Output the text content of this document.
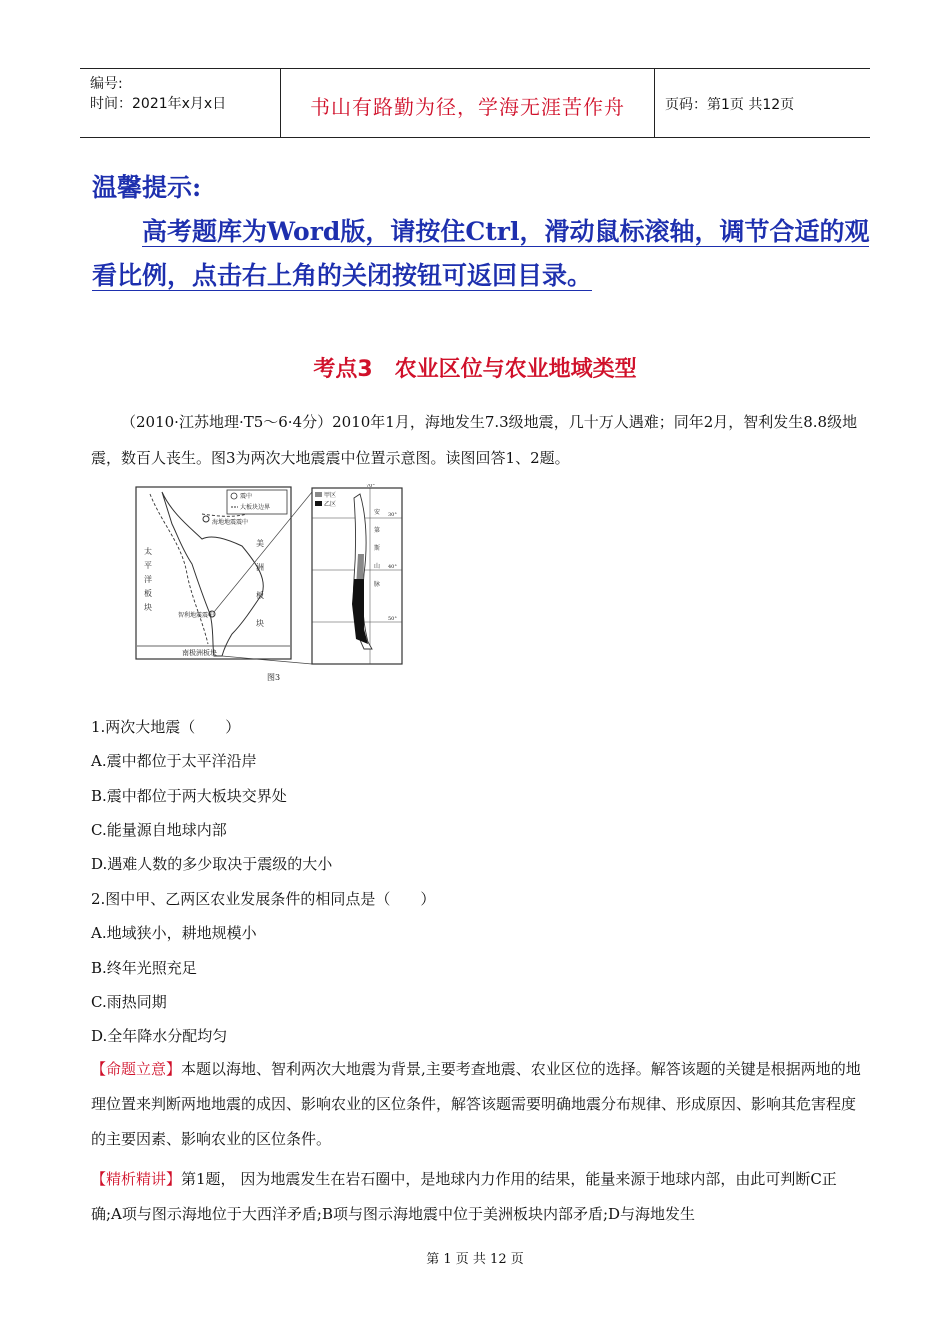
编号:
时间：2021年x月x日	书山有路勤为径，学海无涯苦作舟	页码：第1页 共12页
温馨提示:
高考题库为Word版，请按住Ctrl，滑动鼠标滚轴，调节合适的观看比例，点击右上角的关闭按钮可返回目录。
考点3　农业区位与农业地域类型
（2010·江苏地理·T5～6·4分）2010年1月，海地发生7.3级地震，几十万人遇难；同年2月，智利发生8.8级地震，数百人丧生。图3为两次大地震震中位置示意图。读图回答1、2题。
震中
大板块边界
海地地震震中
智利地震震中
太
平
洋
板
块
美
洲
板
块
南极洲板块
甲区
乙区
70°
30°
40°
50°
安
第
斯
山
脉
图3
1.两次大地震（　　）
A.震中都位于太平洋沿岸
B.震中都位于两大板块交界处
C.能量源自地球内部
D.遇难人数的多少取决于震级的大小
2.图中甲、乙两区农业发展条件的相同点是（　　）
A.地域狭小，耕地规模小
B.终年光照充足
C.雨热同期
D.全年降水分配均匀
【命题立意】本题以海地、智利两次大地震为背景,主要考查地震、农业区位的选择。解答该题的关键是根据两地的地理位置来判断两地地震的成因、影响农业的区位条件，解答该题需要明确地震分布规律、形成原因、影响其危害程度的主要因素、影响农业的区位条件。
【精析精讲】第1题， 因为地震发生在岩石圈中，是地球内力作用的结果，能量来源于地球内部，由此可判断C正确;A项与图示海地位于大西洋矛盾;B项与图示海地震中位于美洲板块内部矛盾;D与海地发生
第 1 页 共 12 页
